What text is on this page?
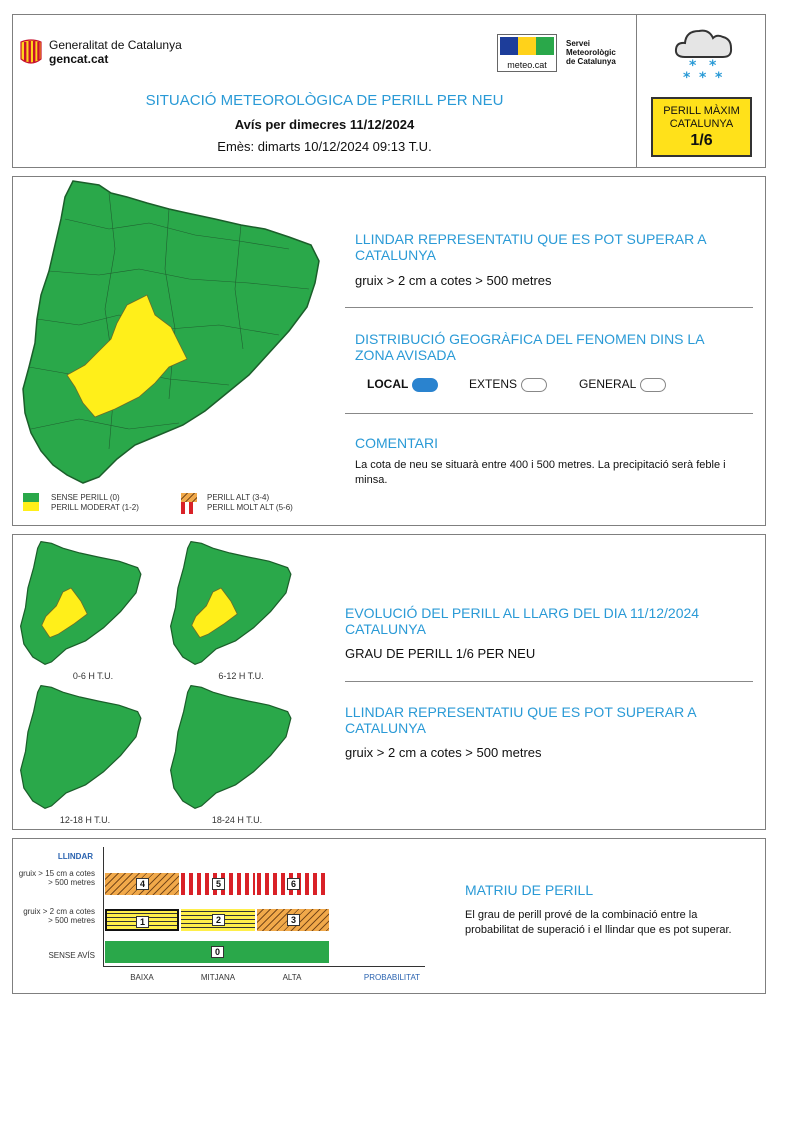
Generalitat de Catalunya
gencat.cat	meteo.cat
Servei
Meteorològic
de Catalunya
SITUACIÓ METEOROLÒGICA DE PERILL PER NEU
Avís per dimecres 11/12/2024
Emès: dimarts 10/12/2024 09:13 T.U.
* *
* * *
PERILL MÀXIM
CATALUNYA
1/6
SENSE PERILL (0)
PERILL MODERAT (1-2)
PERILL ALT (3-4)
PERILL MOLT ALT (5-6)
LLINDAR REPRESENTATIU QUE ES POT SUPERAR A CATALUNYA
gruix > 2 cm a cotes > 500 metres
DISTRIBUCIÓ GEOGRÀFICA DEL FENOMEN DINS LA ZONA AVISADA
LOCAL	EXTENS	GENERAL
COMENTARI
La cota de neu se situarà entre 400 i 500 metres. La precipitació serà feble i minsa.
0-6 H T.U.	6-12 H T.U.
12-18 H T.U.	18-24 H T.U.
EVOLUCIÓ DEL PERILL AL LLARG DEL DIA 11/12/2024
CATALUNYA
GRAU DE PERILL 1/6 PER NEU
LLINDAR REPRESENTATIU QUE ES POT SUPERAR A CATALUNYA
gruix > 2 cm a cotes > 500 metres
LLINDAR
gruix > 15 cm a cotes > 500 metres
gruix > 2 cm a cotes > 500 metres
SENSE AVÍS
4	5	6
1	2	3
0
BAIXA	MITJANA	ALTA	PROBABILITAT
MATRIU DE PERILL
El grau de perill prové de la combinació entre la probabilitat de superació i el llindar que es pot superar.
